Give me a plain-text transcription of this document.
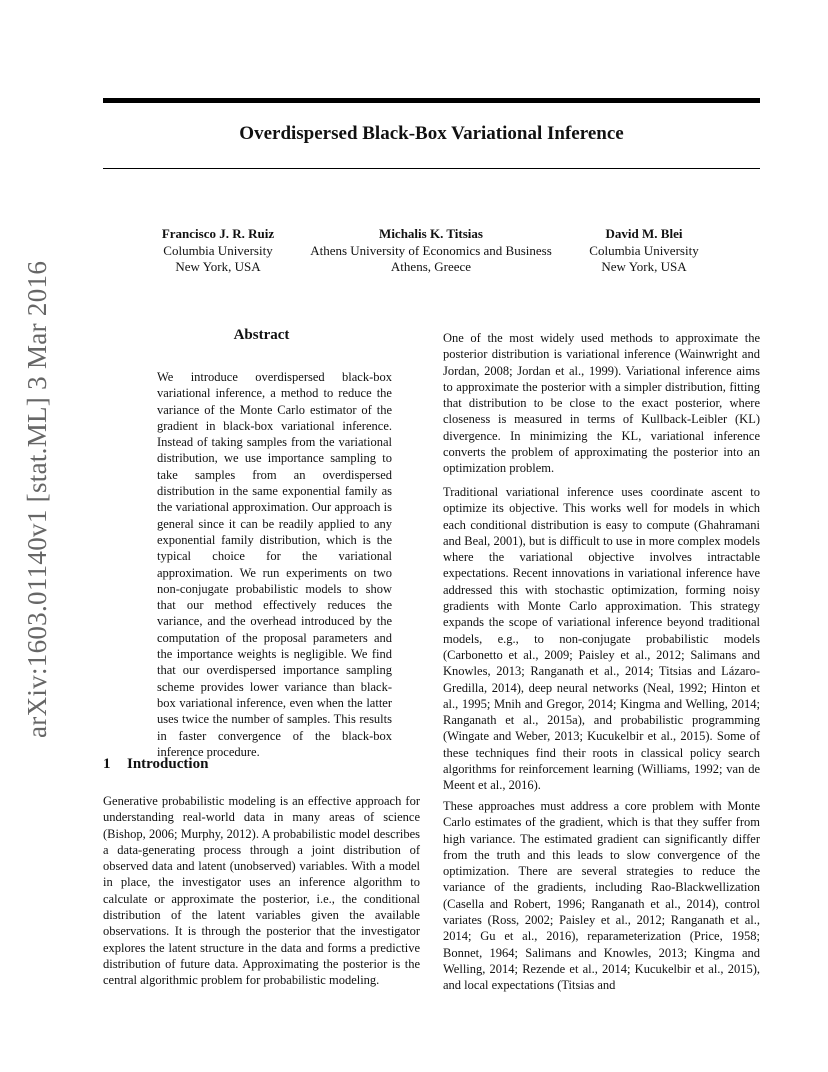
Overdispersed Black-Box Variational Inference
Francisco J. R. Ruiz
Columbia University
New York, USA
Michalis K. Titsias
Athens University of Economics and Business
Athens, Greece
David M. Blei
Columbia University
New York, USA
arXiv:1603.01140v1 [stat.ML] 3 Mar 2016	Abstract
We introduce overdispersed black-box variational inference, a method to reduce the variance of the Monte Carlo estimator of the gradient in black-box variational inference. Instead of taking samples from the variational distribution, we use importance sampling to take samples from an overdispersed distribution in the same exponential family as the variational approximation. Our approach is general since it can be readily applied to any exponential family distribution, which is the typical choice for the variational approximation. We run experiments on two non-conjugate probabilistic models to show that our method effectively reduces the variance, and the overhead introduced by the computation of the proposal parameters and the importance weights is negligible. We find that our overdispersed importance sampling scheme provides lower variance than black-box variational inference, even when the latter uses twice the number of samples. This results in faster convergence of the black-box inference procedure.
1 Introduction
Generative probabilistic modeling is an effective approach for understanding real-world data in many areas of science (Bishop, 2006; Murphy, 2012). A probabilistic model describes a data-generating process through a joint distribution of observed data and latent (unobserved) variables. With a model in place, the investigator uses an inference algorithm to calculate or approximate the posterior, i.e., the conditional distribution of the latent variables given the available observations. It is through the posterior that the investigator explores the latent structure in the data and forms a predictive distribution of future data. Approximating the posterior is the central algorithmic problem for probabilistic modeling.
One of the most widely used methods to approximate the posterior distribution is variational inference (Wainwright and Jordan, 2008; Jordan et al., 1999). Variational inference aims to approximate the posterior with a simpler distribution, fitting that distribution to be close to the exact posterior, where closeness is measured in terms of Kullback-Leibler (KL) divergence. In minimizing the KL, variational inference converts the problem of approximating the posterior into an optimization problem.
Traditional variational inference uses coordinate ascent to optimize its objective. This works well for models in which each conditional distribution is easy to compute (Ghahramani and Beal, 2001), but is difficult to use in more complex models where the variational objective involves intractable expectations. Recent innovations in variational inference have addressed this with stochastic optimization, forming noisy gradients with Monte Carlo approximation. This strategy expands the scope of variational inference beyond traditional models, e.g., to non-conjugate probabilistic models (Carbonetto et al., 2009; Paisley et al., 2012; Salimans and Knowles, 2013; Ranganath et al., 2014; Titsias and Lázaro-Gredilla, 2014), deep neural networks (Neal, 1992; Hinton et al., 1995; Mnih and Gregor, 2014; Kingma and Welling, 2014; Ranganath et al., 2015a), and probabilistic programming (Wingate and Weber, 2013; Kucukelbir et al., 2015). Some of these techniques find their roots in classical policy search algorithms for reinforcement learning (Williams, 1992; van de Meent et al., 2016).
These approaches must address a core problem with Monte Carlo estimates of the gradient, which is that they suffer from high variance. The estimated gradient can significantly differ from the truth and this leads to slow convergence of the optimization. There are several strategies to reduce the variance of the gradients, including Rao-Blackwellization (Casella and Robert, 1996; Ranganath et al., 2014), control variates (Ross, 2002; Paisley et al., 2012; Ranganath et al., 2014; Gu et al., 2016), reparameterization (Price, 1958; Bonnet, 1964; Salimans and Knowles, 2013; Kingma and Welling, 2014; Rezende et al., 2014; Kucukelbir et al., 2015), and local expectations (Titsias and
